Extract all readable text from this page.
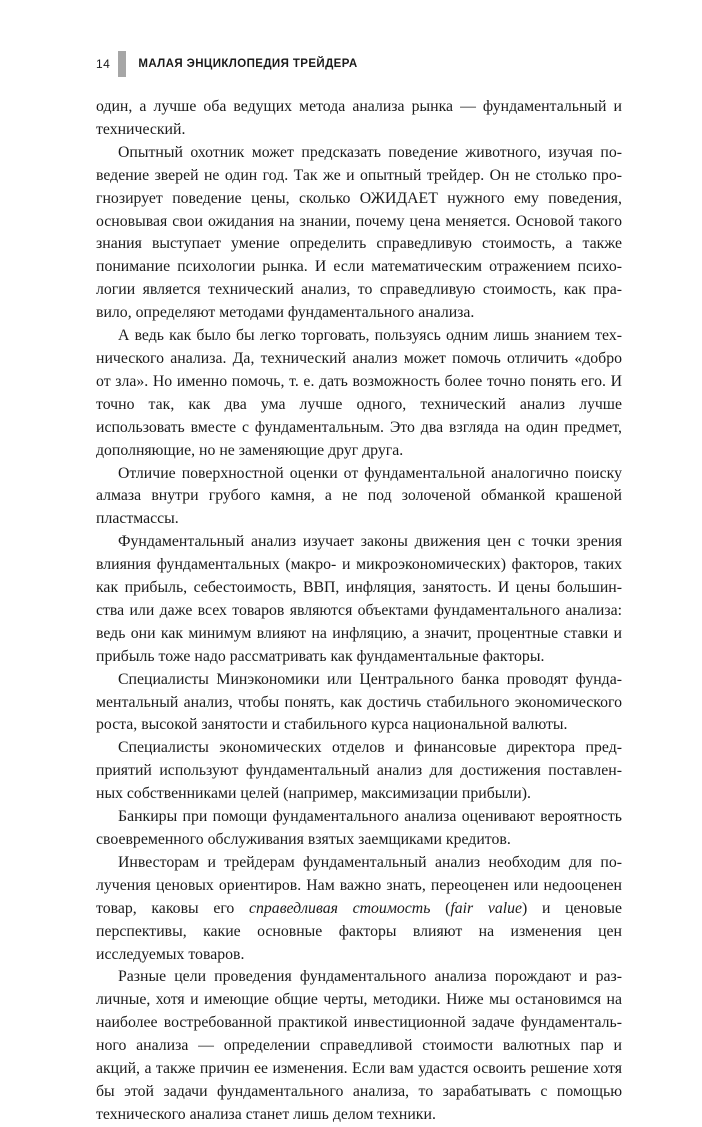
14 МАЛАЯ ЭНЦИКЛОПЕДИЯ ТРЕЙДЕРА

один, а лучше оба ведущих метода анализа рынка — фундаментальный и технический.

Опытный охотник может предсказать поведение животного, изучая поведение зверей не один год. Так же и опытный трейдер. Он не столько прогнозирует поведение цены, сколько ОЖИДАЕТ нужного ему поведения, основывая свои ожидания на знании, почему цена меняется. Основой такого знания выступает умение определить справедливую стоимость, а также понимание психологии рынка. И если математическим отражением психологии является технический анализ, то справедливую стоимость, как правило, определяют методами фундаментального анализа.

А ведь как было бы легко торговать, пользуясь одним лишь знанием технического анализа. Да, технический анализ может помочь отличить «добро от зла». Но именно помочь, т. е. дать возможность более точно понять его. И точно так, как два ума лучше одного, технический анализ лучше использовать вместе с фундаментальным. Это два взгляда на один предмет, дополняющие, но не заменяющие друг друга.

Отличие поверхностной оценки от фундаментальной аналогично поиску алмаза внутри грубого камня, а не под золоченой обманкой крашеной пластмассы.

Фундаментальный анализ изучает законы движения цен с точки зрения влияния фундаментальных (макро- и микроэкономических) факторов, таких как прибыль, себестоимость, ВВП, инфляция, занятость. И цены большинства или даже всех товаров являются объектами фундаментального анализа: ведь они как минимум влияют на инфляцию, а значит, процентные ставки и прибыль тоже надо рассматривать как фундаментальные факторы.

Специалисты Минэкономики или Центрального банка проводят фундаментальный анализ, чтобы понять, как достичь стабильного экономического роста, высокой занятости и стабильного курса национальной валюты.

Специалисты экономических отделов и финансовые директора предприятий используют фундаментальный анализ для достижения поставленных собственниками целей (например, максимизации прибыли).

Банкиры при помощи фундаментального анализа оценивают вероятность своевременного обслуживания взятых заемщиками кредитов.

Инвесторам и трейдерам фундаментальный анализ необходим для получения ценовых ориентиров. Нам важно знать, переоценен или недооценен товар, каковы его справедливая стоимость (fair value) и ценовые перспективы, какие основные факторы влияют на изменения цен исследуемых товаров.

Разные цели проведения фундаментального анализа порождают и различные, хотя и имеющие общие черты, методики. Ниже мы остановимся на наиболее востребованной практикой инвестиционной задаче фундаментального анализа — определении справедливой стоимости валютных пар и акций, а также причин ее изменения. Если вам удастся освоить решение хотя бы этой задачи фундаментального анализа, то зарабатывать с помощью технического анализа станет лишь делом техники.
